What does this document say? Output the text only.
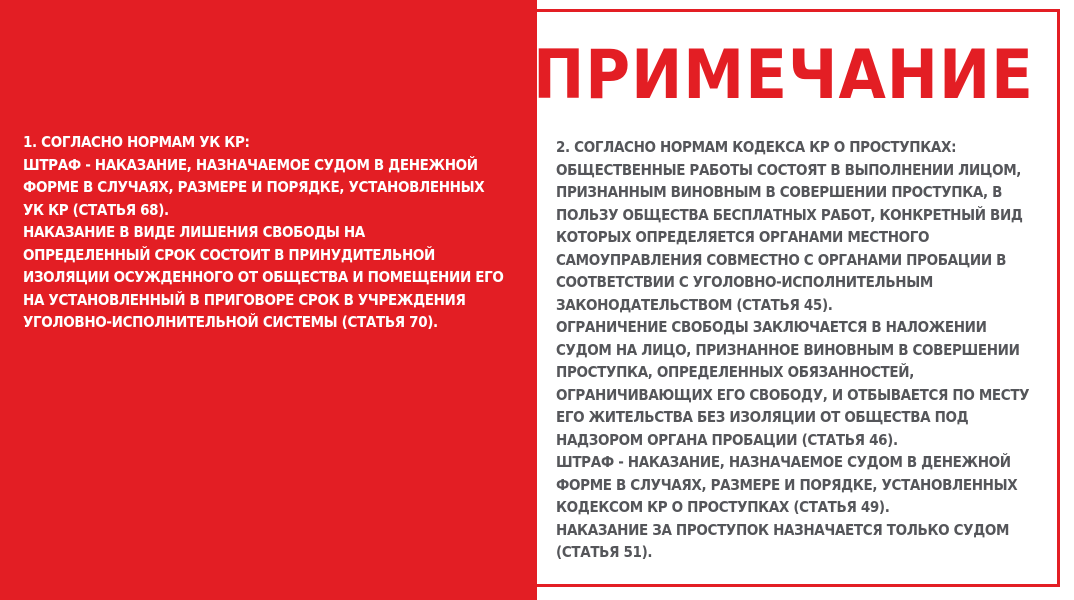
1. СОГЛАСНО НОРМАМ УК КР:
ШТРАФ - НАКАЗАНИЕ, НАЗНАЧАЕМОЕ СУДОМ В ДЕНЕЖНОЙ
ФОРМЕ В СЛУЧАЯХ, РАЗМЕРЕ И ПОРЯДКЕ, УСТАНОВЛЕННЫХ
УК КР (СТАТЬЯ 68).
НАКАЗАНИЕ В ВИДЕ ЛИШЕНИЯ СВОБОДЫ НА
ОПРЕДЕЛЕННЫЙ СРОК СОСТОИТ В ПРИНУДИТЕЛЬНОЙ
ИЗОЛЯЦИИ ОСУЖДЕННОГО ОТ ОБЩЕСТВА И ПОМЕЩЕНИИ ЕГО
НА УСТАНОВЛЕННЫЙ В ПРИГОВОРЕ СРОК В УЧРЕЖДЕНИЯ
УГОЛОВНО-ИСПОЛНИТЕЛЬНОЙ СИСТЕМЫ (СТАТЬЯ 70).

ПРИМЕЧАНИЕ

2. СОГЛАСНО НОРМАМ КОДЕКСА КР О ПРОСТУПКАХ:
ОБЩЕСТВЕННЫЕ РАБОТЫ СОСТОЯТ В ВЫПОЛНЕНИИ ЛИЦОМ,
ПРИЗНАННЫМ ВИНОВНЫМ В СОВЕРШЕНИИ ПРОСТУПКА, В
ПОЛЬЗУ ОБЩЕСТВА БЕСПЛАТНЫХ РАБОТ, КОНКРЕТНЫЙ ВИД
КОТОРЫХ ОПРЕДЕЛЯЕТСЯ ОРГАНАМИ МЕСТНОГО
САМОУПРАВЛЕНИЯ СОВМЕСТНО С ОРГАНАМИ ПРОБАЦИИ В
СООТВЕТСТВИИ С УГОЛОВНО-ИСПОЛНИТЕЛЬНЫМ
ЗАКОНОДАТЕЛЬСТВОМ (СТАТЬЯ 45).
ОГРАНИЧЕНИЕ СВОБОДЫ ЗАКЛЮЧАЕТСЯ В НАЛОЖЕНИИ
СУДОМ НА ЛИЦО, ПРИЗНАННОЕ ВИНОВНЫМ В СОВЕРШЕНИИ
ПРОСТУПКА, ОПРЕДЕЛЕННЫХ ОБЯЗАННОСТЕЙ,
ОГРАНИЧИВАЮЩИХ ЕГО СВОБОДУ, И ОТБЫВАЕТСЯ ПО МЕСТУ
ЕГО ЖИТЕЛЬСТВА БЕЗ ИЗОЛЯЦИИ ОТ ОБЩЕСТВА ПОД
НАДЗОРОМ ОРГАНА ПРОБАЦИИ (СТАТЬЯ 46).
ШТРАФ - НАКАЗАНИЕ, НАЗНАЧАЕМОЕ СУДОМ В ДЕНЕЖНОЙ
ФОРМЕ В СЛУЧАЯХ, РАЗМЕРЕ И ПОРЯДКЕ, УСТАНОВЛЕННЫХ
КОДЕКСОМ КР О ПРОСТУПКАХ (СТАТЬЯ 49).
НАКАЗАНИЕ ЗА ПРОСТУПОК НАЗНАЧАЕТСЯ ТОЛЬКО СУДОМ
(СТАТЬЯ 51).
